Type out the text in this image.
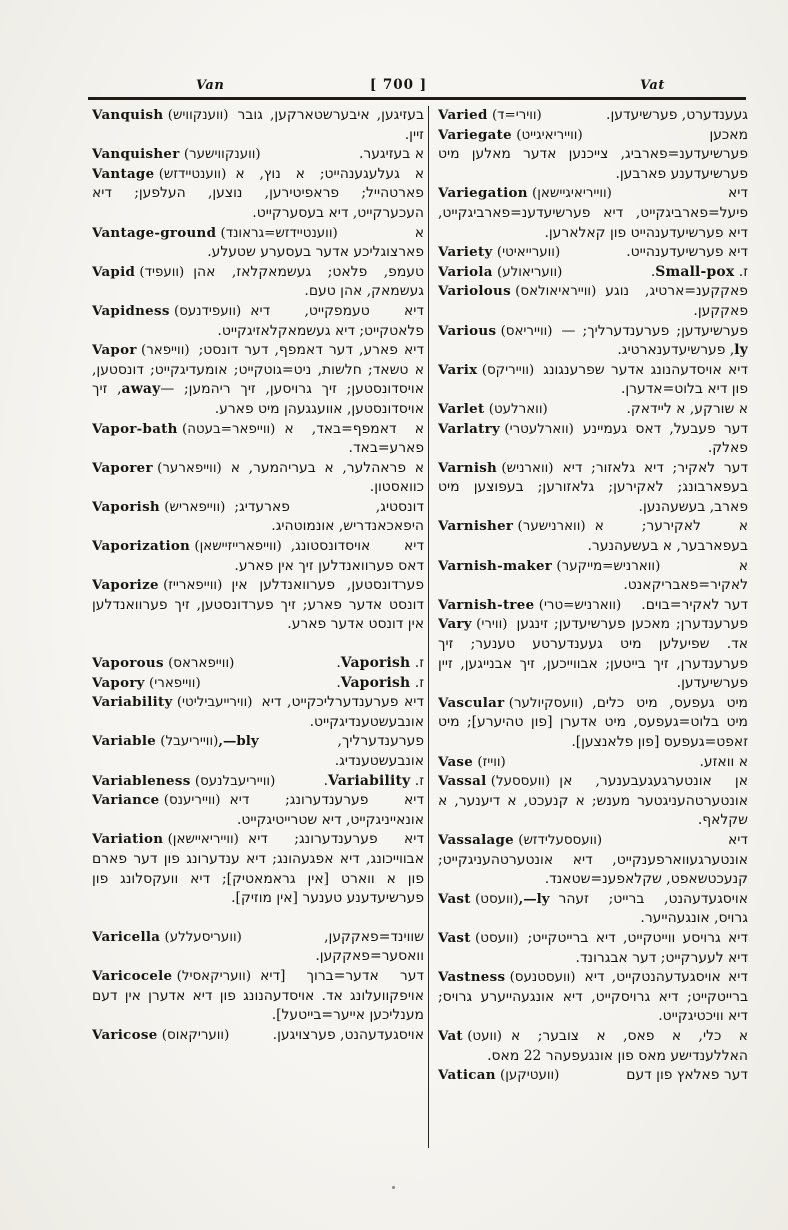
Van	[ 700 ]	Vat

Vanquish (ווענקוויש) בעזיגען, איבערשטארקען, גובר זיין.

Vanquisher (ווענקווישער)	א בעזיגער.

Vantage (ווענטיידזש) א געלעגענהייט; א נוץ, א פארטהייל; פראפיטירען, נוצען, העלפען; דיא העכערקייט, דיא בעסערקייט.

Vantage-ground (ווענטיידזש=גראונד)	א פארצוגליכע אדער בעסערע שטעלע.

Vapid (וועפיד) טעמפ, פלאט; געשמאקלאז, אהן געשמאק, אהן טעם.

Vapidness (וועפידנעס) דיא טעמפקייט, דיא פלאטקייט; דיא געשמאקלאזיגקייט.

Vapor (ווייפאר) דיא פארע, דער דאמפף, דער דונסט; א טשאד; חלשות, ניט=גוטקייט; אומעדיגקייט; דונסטען, אויסדונסטען; זיך גרויסען, זיך ריהמען; —away, זיך אויסדונסטען, אוועגגעהן מיט פארע.

Vapor-bath (ווייפאר=בעטה) א דאמפף=באד, א פארע=באד.

Vaporer (ווייפארער) א פראהלער, א בעריהמער, א כוואסטון.

Vaporish (ווייפאריש) דונסטיג, פארעדיג; היפאכאנדריש, אונמוטהיג.

Vaporization (ווייפארייזיישאן) דיא אויסדונסטונג, דאס פערוואנדלען זיך אין פארע.

Vaporize (ווייפארייז) פערדונסטען, פערוואנדלען אין דונסט אדער פארע; זיך פערדונסטען, זיך פערוואנדלען אין דונסט אדער פארע.

Vaporous (ווייפאראס)	ז. Vaporish.

Vapory (ווייפארי)	ז. Vaporish.

Variability (ווירייעביליטי) דיא פערענדערליכקייט, דיא אונבעשטענדיגקייט.

Variable (ווייריעבל),—bly	פערענדערליך, אונבעשטענדיג.

Variableness (ווייריעבלנעס)	ז. Variability.

Variance (ווייריענס) דיא פערענדערונג; דיא אונאייניגקייט, דיא שטרייטיגקייט.

Variation (ווייריאיישאן) דיא פערענדערונג; דיא אבווייכונג, דיא אפגעהונג; דיא ענדערונג פון דער פארם פון א ווארט [אין גראמאטיק]; דיא וועקסלונג פון פערשיעדענע טענער [אין מוזיק].

Varicella (וועריסעללע)	שווינד=פאקקען, וואסער=פאקקען.

Varicocele (וועריקאסיל) דער אדער=ברוך [דיא אויפקוועלונג אד. אויסדעהנונג פון דיא אדערן אין דעם מענליכען אייער=בייטעל].

Varicose (וועריקאוס)	אויסגעדעהנט, פערצויגען.

Varied (ווירי=ד)	געענדערט, פערשיעדען.

Variegate (ווייריאיגייט)	מאכען פערשיעדענ=פארביג, צייכנען אדער מאלען מיט פערשיעדענע פארבען.

Variegation (ווייריאיגיישאן)	דיא פיעל=פארביגקייט, דיא פערשיעדענ=פארביגקייט, דיא פערשיעדענהייט פון קאלארען.

Variety (ווערייאיטי)	דיא פערשיעדענהייט.

Variola (וועריאולע)	ז. Small-pox.

Variolous (ווייראיאולאס) פאקקענ=ארטיג, נוגע פאקקען.

Various (ווייריאס) פערשיעדען; פערענדערליך; —ly, פערשיעדענארטיג.

Varix (ווייריקס) דיא אויסדעהנונג אדער שפרענגונג פון דיא בלוט=אדערן.

Varlet (ווארלעט)	א שורקע, א ליידאק.

Varlatry (ווארלעטרי) דער פעבעל, דאס געמיינע פאלק.

Varnish (ווארניש) דער לאקיר; דיא גלאזור; דיא בעפארבונג; לאקירען; גלאזורען; בעפוצען מיט פארב, בעשעהנען.

Varnisher (ווארנישער) א לאקירער; א בעפארבער, א בעשעהנער.

Varnish-maker (ווארניש=מייקער)	א לאקיר=פאבריקאנט.

Varnish-tree (ווארניש=טרי) דער לאקיר=בוים.

Vary (ווירי) פערענדערן; מאכען פערשיעדען; זינגען אד. שפיעלען מיט געענדערטע טענער; זיך פערענדערן, זיך בייטען; אבווייכען, זיך אבנייגען, זיין פערשיעדען.

Vascular (וועסקיולער) מיט געפעס, מיט כלים, מיט בלוט=געפעס, מיט אדערן [פון טהיערע]; מיט זאפט=געפעס [פון פלאנצען].

Vase (ווייז)	א וואזע.

Vassal (וועססעל) אן אונטערגעגעבענער, אן אונטערטהעניגטער מענש; א קנעכט, א דיענער, א שקלאף.

Vassalage (וועססעלידזש)	דיא אונטערגעווארפענקייט, דיא אונטערטהעניגקייט; קנעכטשאפט, שקלאפענ=שטאנד.

Vast (וועסט),—ly אויסגעדעהנט, ברייט; זעהר גרויס, אונגעהייער.

Vast (וועסט) דיא גרויסע ווייטקייט, דיא ברייטקייט; דיא לעערקייט; דער אבגרונד.

Vastness (וועסטנעס) דיא אויסגעדעהנטקייט, דיא ברייטקייט; דיא גרויסקייט, דיא אונגעהייערע גרויס; דיא וויכטיגקייט.

Vat (וועט) א כלי, א פאס, א צובער; א האללענדישע מאס פון אונגעפעהר 22 מאס.

Vatican (וועטיקען)	דער פאלאץ פון דעם
